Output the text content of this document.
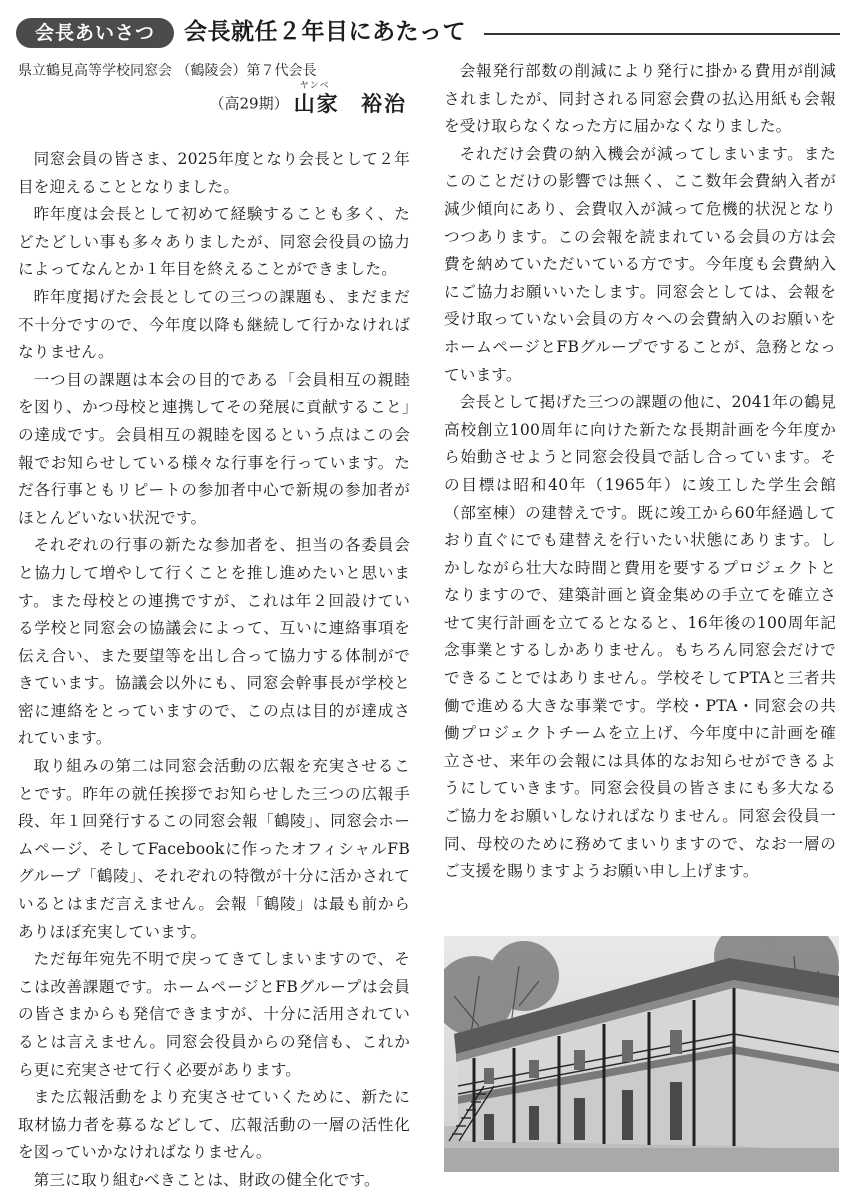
会長あいさつ	会長就任２年目にあたって
県立鶴見高等学校同窓会 （鶴陵会）第７代会長
（高29期）
ヤンベ
山家 裕治

同窓会員の皆さま、2025年度となり会長として２年目を迎えることとなりました。

昨年度は会長として初めて経験することも多く、たどたどしい事も多々ありましたが、同窓会役員の協力によってなんとか１年目を終えることができました。

昨年度掲げた会長としての三つの課題も、まだまだ不十分ですので、今年度以降も継続して行かなければなりません。

一つ目の課題は本会の目的である「会員相互の親睦を図り、かつ母校と連携してその発展に貢献すること」の達成です。会員相互の親睦を図るという点はこの会報でお知らせしている様々な行事を行っています。ただ各行事ともリピートの参加者中心で新規の参加者がほとんどいない状況です。

それぞれの行事の新たな参加者を、担当の各委員会と協力して増やして行くことを推し進めたいと思います。また母校との連携ですが、これは年２回設けている学校と同窓会の協議会によって、互いに連絡事項を伝え合い、また要望等を出し合って協力する体制ができています。協議会以外にも、同窓会幹事長が学校と密に連絡をとっていますので、この点は目的が達成されています。

取り組みの第二は同窓会活動の広報を充実させることです。昨年の就任挨拶でお知らせした三つの広報手段、年１回発行するこの同窓会報「鶴陵」、同窓会ホームページ、そしてFacebookに作ったオフィシャルFBグループ「鶴陵」、それぞれの特徴が十分に活かされているとはまだ言えません。会報「鶴陵」は最も前からありほぼ充実しています。

ただ毎年宛先不明で戻ってきてしまいますので、そこは改善課題です。ホームページとFBグループは会員の皆さまからも発信できますが、十分に活用されているとは言えません。同窓会役員からの発信も、これから更に充実させて行く必要があります。

また広報活動をより充実させていくために、新たに取材協力者を募るなどして、広報活動の一層の活性化を図っていかなければなりません。

第三に取り組むべきことは、財政の健全化です。

会報発行部数の削減により発行に掛かる費用が削減されましたが、同封される同窓会費の払込用紙も会報を受け取らなくなった方に届かなくなりました。

それだけ会費の納入機会が減ってしまいます。またこのことだけの影響では無く、ここ数年会費納入者が減少傾向にあり、会費収入が減って危機的状況となりつつあります。この会報を読まれている会員の方は会費を納めていただいている方です。今年度も会費納入にご協力お願いいたします。同窓会としては、会報を受け取っていない会員の方々への会費納入のお願いをホームページとFBグループですることが、急務となっています。

会長として掲げた三つの課題の他に、2041年の鶴見高校創立100周年に向けた新たな長期計画を今年度から始動させようと同窓会役員で話し合っています。その目標は昭和40年（1965年）に竣工した学生会館（部室棟）の建替えです。既に竣工から60年経過しており直ぐにでも建替えを行いたい状態にあります。しかしながら壮大な時間と費用を要するプロジェクトとなりますので、建築計画と資金集めの手立てを確立させて実行計画を立てるとなると、16年後の100周年記念事業とするしかありません。もちろん同窓会だけでできることではありません。学校そしてPTAと三者共働で進める大きな事業です。学校・PTA・同窓会の共働プロジェクトチームを立上げ、今年度中に計画を確立させ、来年の会報には具体的なお知らせができるようにしていきます。同窓会役員の皆さまにも多大なるご協力をお願いしなければなりません。同窓会役員一同、母校のために務めてまいりますので、なお一層のご支援を賜りますようお願い申し上げます。
